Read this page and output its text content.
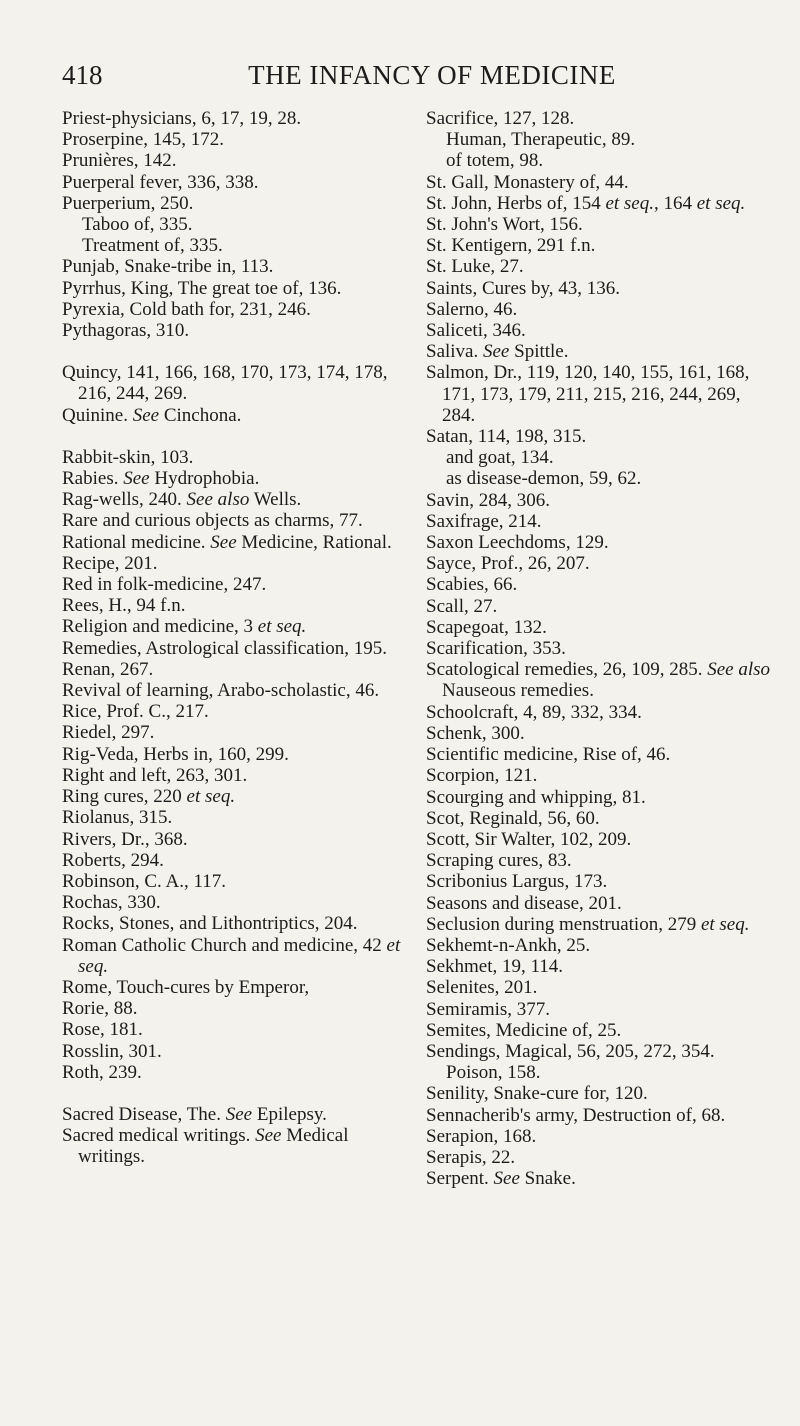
418	THE INFANCY OF MEDICINE
Priest-physicians, 6, 17, 19, 28.
Proserpine, 145, 172.
Prunières, 142.
Puerperal fever, 336, 338.
Puerperium, 250.
Taboo of, 335.
Treatment of, 335.
Punjab, Snake-tribe in, 113.
Pyrrhus, King, The great toe of, 136.
Pyrexia, Cold bath for, 231, 246.
Pythagoras, 310.
Quincy, 141, 166, 168, 170, 173, 174, 178, 216, 244, 269.
Quinine. See Cinchona.
Rabbit-skin, 103.
Rabies. See Hydrophobia.
Rag-wells, 240. See also Wells.
Rare and curious objects as charms, 77.
Rational medicine. See Medicine, Rational.
Recipe, 201.
Red in folk-medicine, 247.
Rees, H., 94 f.n.
Religion and medicine, 3 et seq.
Remedies, Astrological classification, 195.
Renan, 267.
Revival of learning, Arabo-scholastic, 46.
Rice, Prof. C., 217.
Riedel, 297.
Rig-Veda, Herbs in, 160, 299.
Right and left, 263, 301.
Ring cures, 220 et seq.
Riolanus, 315.
Rivers, Dr., 368.
Roberts, 294.
Robinson, C. A., 117.
Rochas, 330.
Rocks, Stones, and Lithontriptics, 204.
Roman Catholic Church and medicine, 42 et seq.
Rome, Touch-cures by Emperor,
Rorie, 88.
Rose, 181.
Rosslin, 301.
Roth, 239.
Sacred Disease, The. See Epilepsy.
Sacred medical writings. See Medical writings.
Sacrifice, 127, 128.
Human, Therapeutic, 89.
of totem, 98.
St. Gall, Monastery of, 44.
St. John, Herbs of, 154 et seq., 164 et seq.
St. John's Wort, 156.
St. Kentigern, 291 f.n.
St. Luke, 27.
Saints, Cures by, 43, 136.
Salerno, 46.
Saliceti, 346.
Saliva. See Spittle.
Salmon, Dr., 119, 120, 140, 155, 161, 168, 171, 173, 179, 211, 215, 216, 244, 269, 284.
Satan, 114, 198, 315.
and goat, 134.
as disease-demon, 59, 62.
Savin, 284, 306.
Saxifrage, 214.
Saxon Leechdoms, 129.
Sayce, Prof., 26, 207.
Scabies, 66.
Scall, 27.
Scapegoat, 132.
Scarification, 353.
Scatological remedies, 26, 109, 285. See also Nauseous remedies.
Schoolcraft, 4, 89, 332, 334.
Schenk, 300.
Scientific medicine, Rise of, 46.
Scorpion, 121.
Scourging and whipping, 81.
Scot, Reginald, 56, 60.
Scott, Sir Walter, 102, 209.
Scraping cures, 83.
Scribonius Largus, 173.
Seasons and disease, 201.
Seclusion during menstruation, 279 et seq.
Sekhemt-n-Ankh, 25.
Sekhmet, 19, 114.
Selenites, 201.
Semiramis, 377.
Semites, Medicine of, 25.
Sendings, Magical, 56, 205, 272, 354.
Poison, 158.
Senility, Snake-cure for, 120.
Sennacherib's army, Destruction of, 68.
Serapion, 168.
Serapis, 22.
Serpent. See Snake.
